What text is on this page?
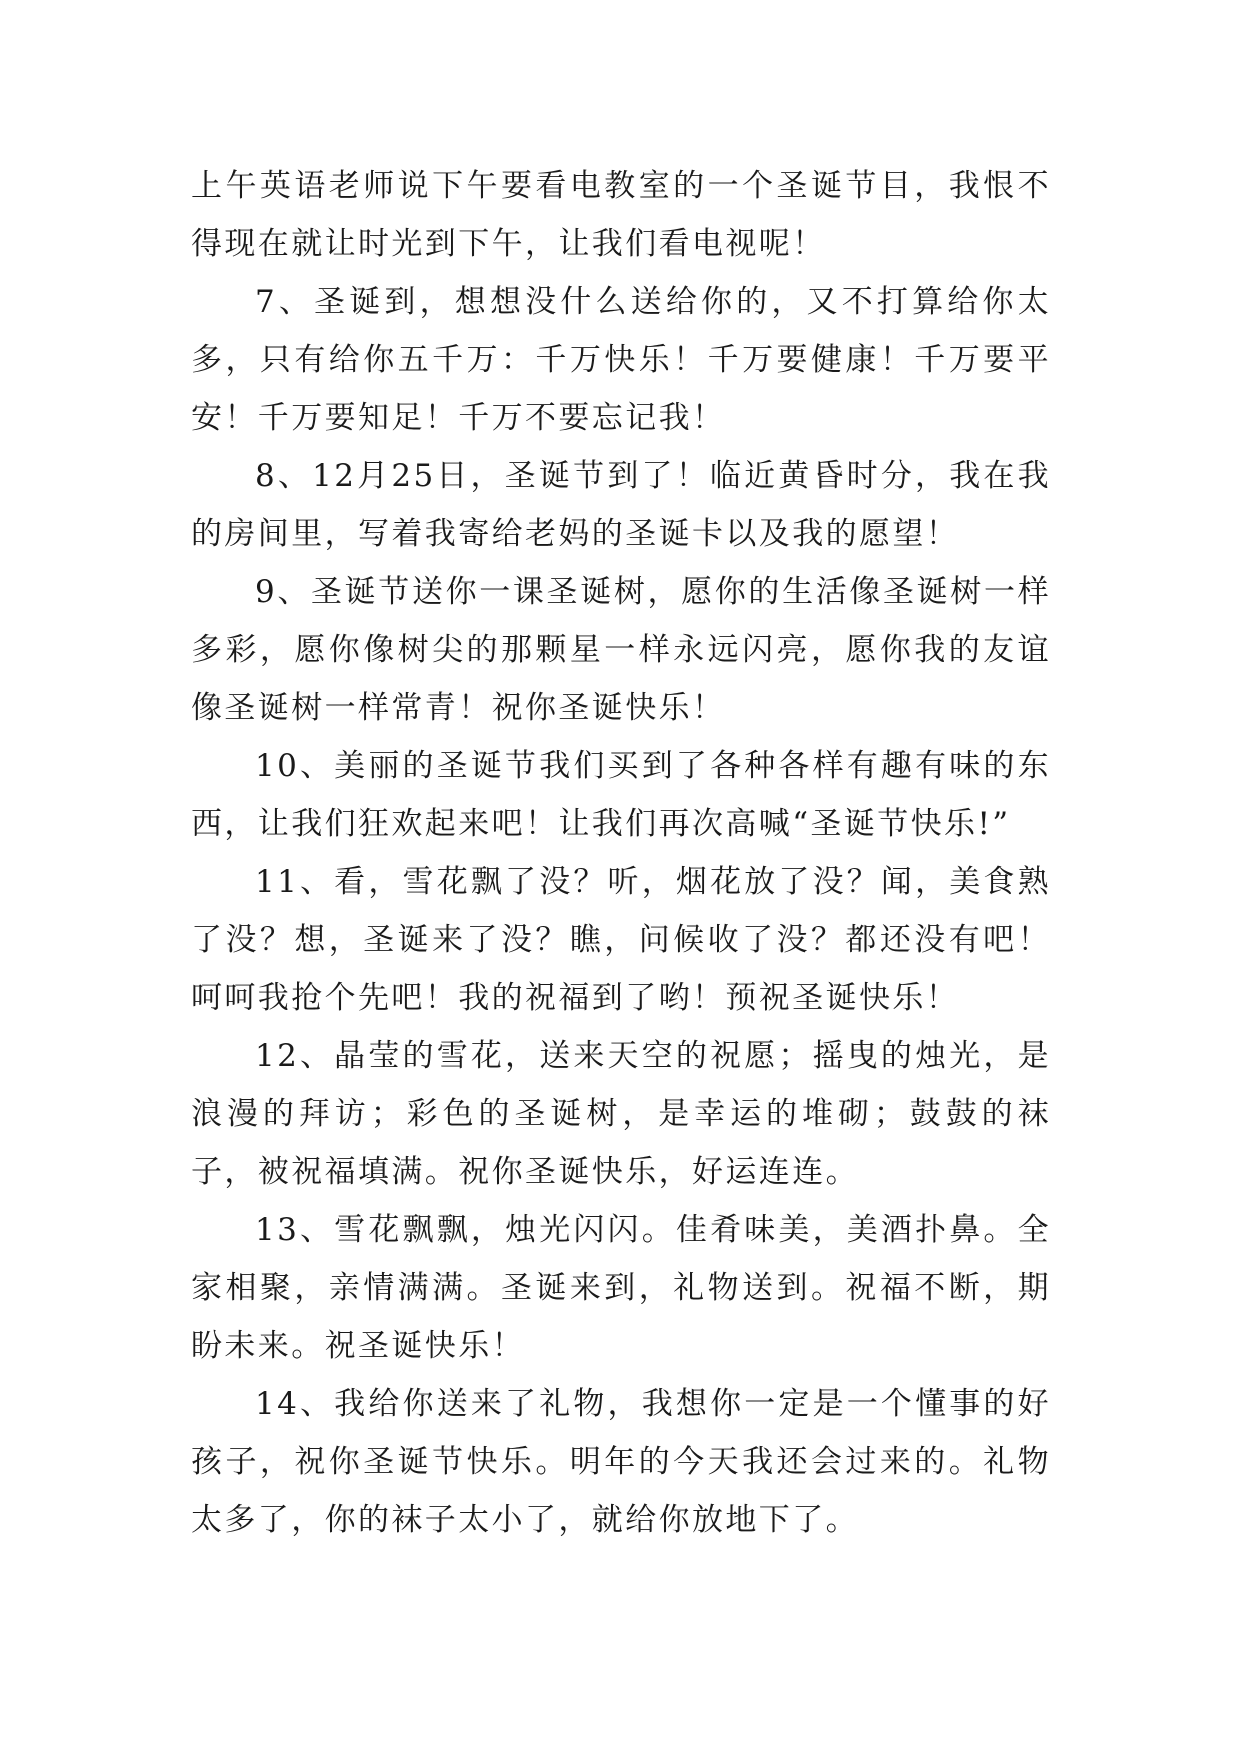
上午英语老师说下午要看电教室的一个圣诞节目，我恨不得现在就让时光到下午，让我们看电视呢！

7、圣诞到，想想没什么送给你的，又不打算给你太多，只有给你五千万：千万快乐！千万要健康！千万要平安！千万要知足！千万不要忘记我！

8、12月25日，圣诞节到了！临近黄昏时分，我在我的房间里，写着我寄给老妈的圣诞卡以及我的愿望！

9、圣诞节送你一课圣诞树，愿你的生活像圣诞树一样多彩，愿你像树尖的那颗星一样永远闪亮，愿你我的友谊像圣诞树一样常青！祝你圣诞快乐！

10、美丽的圣诞节我们买到了各种各样有趣有味的东西，让我们狂欢起来吧！让我们再次高喊“圣诞节快乐!”

11、看，雪花飘了没？听，烟花放了没？闻，美食熟了没？想，圣诞来了没？瞧，问候收了没？都还没有吧！呵呵我抢个先吧！我的祝福到了哟！预祝圣诞快乐！

12、晶莹的雪花，送来天空的祝愿；摇曳的烛光，是浪漫的拜访；彩色的圣诞树，是幸运的堆砌；鼓鼓的袜子，被祝福填满。祝你圣诞快乐，好运连连。

13、雪花飘飘，烛光闪闪。佳肴味美，美酒扑鼻。全家相聚，亲情满满。圣诞来到，礼物送到。祝福不断，期盼未来。祝圣诞快乐！

14、我给你送来了礼物，我想你一定是一个懂事的好孩子，祝你圣诞节快乐。明年的今天我还会过来的。礼物太多了，你的袜子太小了，就给你放地下了。
